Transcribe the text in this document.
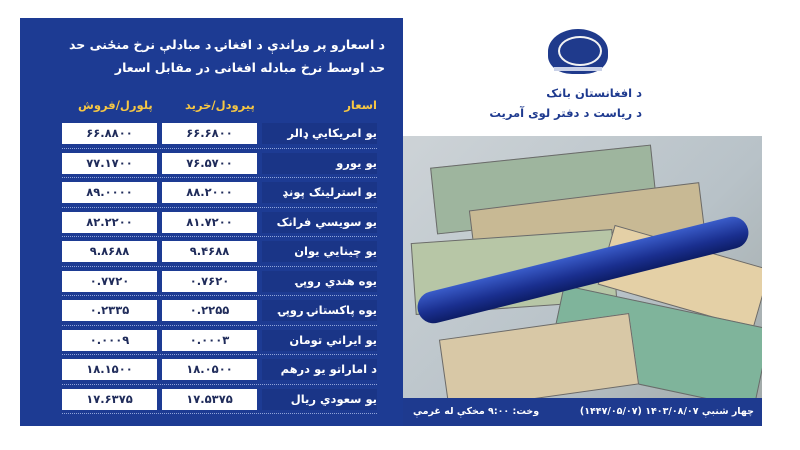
د اسعارو پر وړاندې د افغانۍ د مبادلې نرخ منځنی حد
حد اوسط نرخ مبادله افغانی در مقابل اسعار
اسعار
پیرودل/خرید
پلورل/فروش
یو امریکایي ډالر
۶۶.۶۸۰۰
۶۶.۸۸۰۰
یو یورو
۷۶.۵۷۰۰
۷۷.۱۷۰۰
یو استرلینګ پونډ
۸۸.۲۰۰۰
۸۹.۰۰۰۰
یو سویسي فرانک
۸۱.۷۲۰۰
۸۲.۲۲۰۰
یو چینایي یوان
۹.۴۶۸۸
۹.۸۶۸۸
یوه هندي روپۍ
۰.۷۶۲۰
۰.۷۷۲۰
یوه پاکستانۍ روپۍ
۰.۲۲۵۵
۰.۲۳۳۵
یو ایراني تومان
۰.۰۰۰۳
۰.۰۰۰۹
د اماراتو یو درهم
۱۸.۰۵۰۰
۱۸.۱۵۰۰
یو سعودي ریال
۱۷.۵۳۷۵
۱۷.۶۳۷۵
د افغانستان بانک
د ریاست د دفتر لوی آمریت
چهار شنبې ۱۴۰۳/۰۸/۰۷ (۱۴۴۷/۰۵/۰۷)
وخت: ۹:۰۰ مخکې له غرمې
